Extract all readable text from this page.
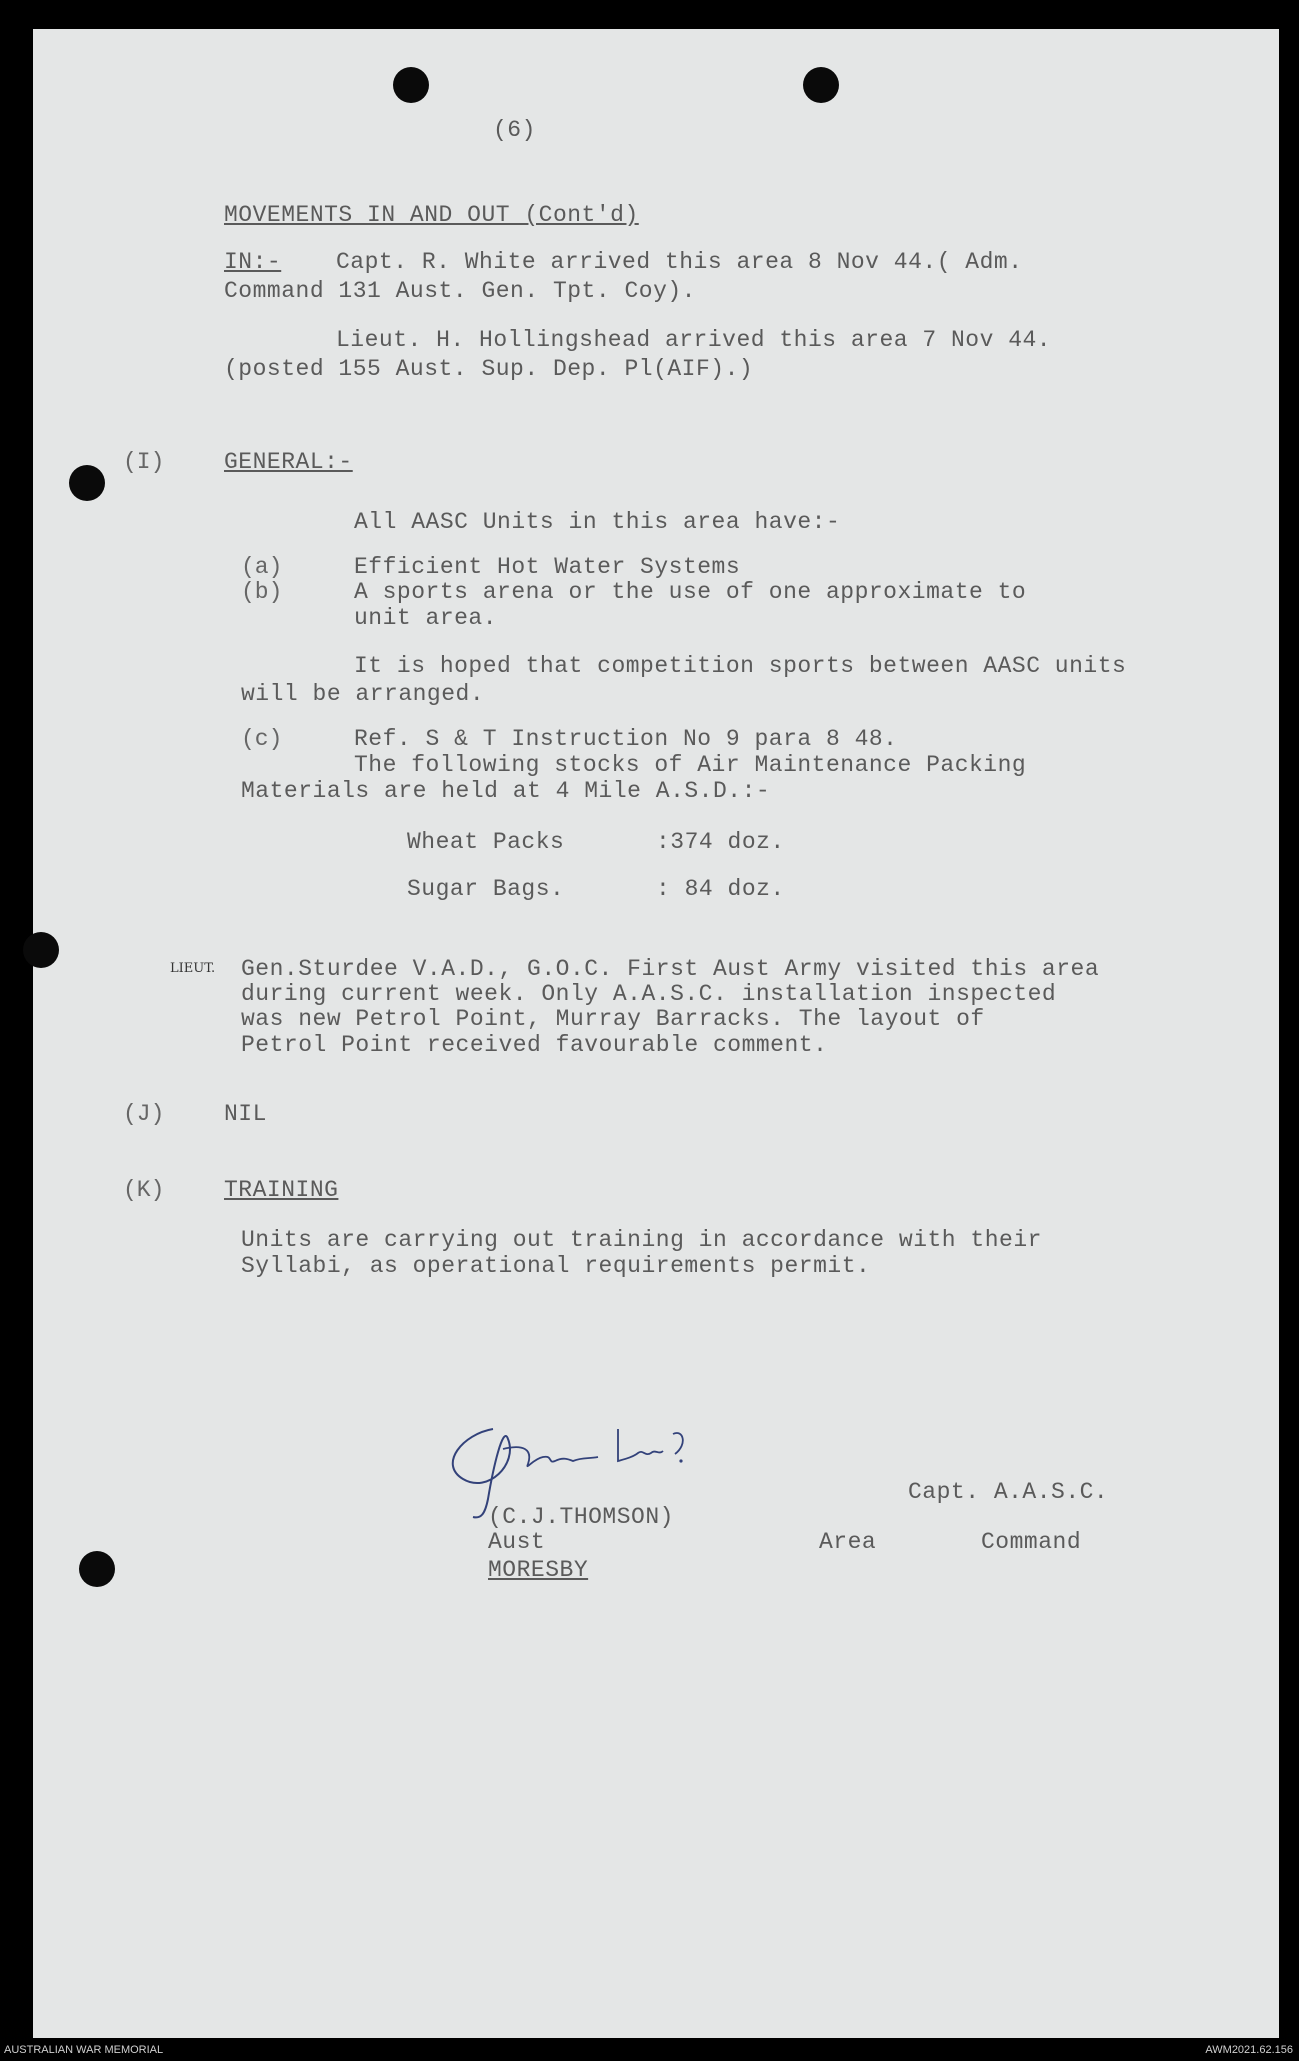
(6)
MOVEMENTS IN AND OUT (Cont'd)
IN:- Capt. R. White arrived this area 8 Nov 44.( Adm.
Command 131 Aust. Gen. Tpt. Coy).
Lieut. H. Hollingshead arrived this area 7 Nov 44.
(posted 155 Aust. Sup. Dep. Pl(AIF).)
(I)	GENERAL:-
All AASC Units in this area have:-
(a)	Efficient Hot Water Systems
(b)	A sports arena or the use of one approximate to
unit area.
It is hoped that competition sports between AASC units
will be arranged.
(c)	Ref. S & T Instruction No 9 para 8 48.
The following stocks of Air Maintenance Packing
Materials are held at 4 Mile A.S.D.:-
Wheat Packs	:374 doz.
Sugar Bags.	: 84 doz.
LIEUT. Gen.Sturdee V.A.D., G.O.C. First Aust Army visited this area
during current week. Only A.A.S.C. installation inspected
was new Petrol Point, Murray Barracks. The layout of
Petrol Point received favourable comment.
(J)	NIL
(K)	TRAINING
Units are carrying out training in accordance with their
Syllabi, as operational requirements permit.
Capt. A.A.S.C.
(C.J.THOMSON)
Aust	Area	Command
MORESBY
AUSTRALIAN WAR MEMORIAL	AWM2021.62.156
